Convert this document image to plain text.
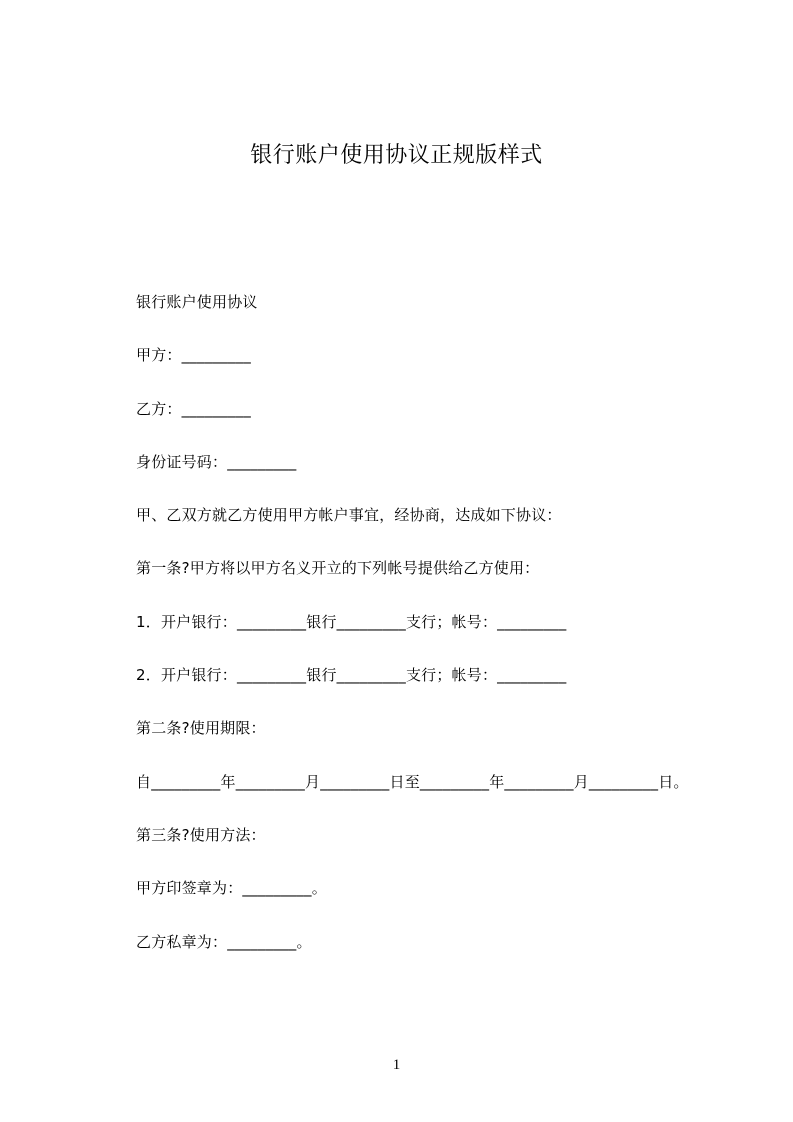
银行账户使用协议正规版样式
银行账户使用协议
甲方：_________
乙方：_________
身份证号码：_________
甲、乙双方就乙方使用甲方帐户事宜，经协商，达成如下协议：
第一条?甲方将以甲方名义开立的下列帐号提供给乙方使用：
1．开户银行：_________银行_________支行；帐号：_________
2．开户银行：_________银行_________支行；帐号：_________
第二条?使用期限：
自_________年_________月_________日至_________年_________月_________日。
第三条?使用方法：
甲方印签章为：_________。
乙方私章为：_________。
1
